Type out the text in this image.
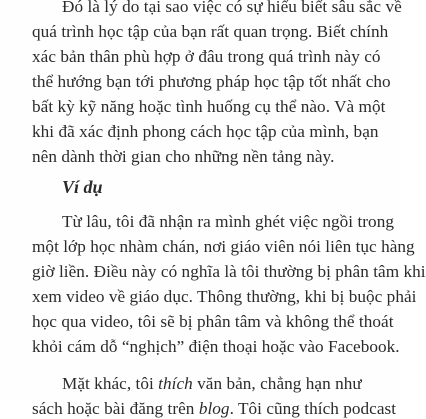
Đó là lý do tại sao việc có sự hiểu biết sâu sắc về
quá trình học tập của bạn rất quan trọng. Biết chính
xác bản thân phù hợp ở đâu trong quá trình này có
thể hướng bạn tới phương pháp học tập tốt nhất cho
bất kỳ kỹ năng hoặc tình huống cụ thể nào. Và một
khi đã xác định phong cách học tập của mình, bạn
nên dành thời gian cho những nền tảng này.
Ví dụ
Từ lâu, tôi đã nhận ra mình ghét việc ngồi trong
một lớp học nhàm chán, nơi giáo viên nói liên tục hàng
giờ liền. Điều này có nghĩa là tôi thường bị phân tâm khi
xem video về giáo dục. Thông thường, khi bị buộc phải
học qua video, tôi sẽ bị phân tâm và không thể thoát
khỏi cám dỗ “nghịch” điện thoại hoặc vào Facebook.
Mặt khác, tôi thích văn bản, chẳng hạn như
sách hoặc bài đăng trên blog. Tôi cũng thích podcast
